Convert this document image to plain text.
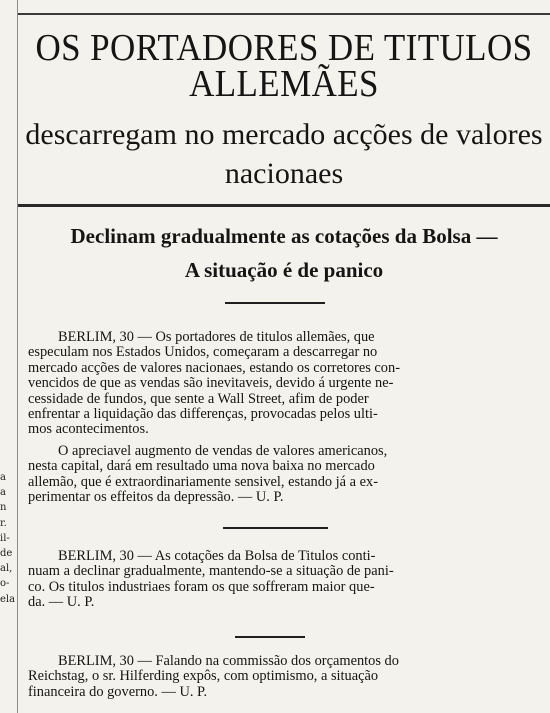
a
a
n
r.
il-
de
al,
o-
ela
OS PORTADORES DE TITULOS
ALLEMÃES
descarregam no mercado acções de valores
nacionaes
Declinam gradualmente as cotações da Bolsa —
A situação é de panico
BERLIM, 30 — Os portadores de titulos allemães, que
especulam nos Estados Unidos, começaram a descarregar no
mercado acções de valores nacionaes, estando os corretores con-
vencidos de que as vendas são inevitaveis, devido á urgente ne-
cessidade de fundos, que sente a Wall Street, afim de poder
enfrentar a liquidação das differenças, provocadas pelos ulti-
mos acontecimentos.
O apreciavel augmento de vendas de valores americanos,
nesta capital, dará em resultado uma nova baixa no mercado
allemão, que é extraordinariamente sensivel, estando já a ex-
perimentar os effeitos da depressão. — U. P.
BERLIM, 30 — As cotações da Bolsa de Titulos conti-
nuam a declinar gradualmente, mantendo-se a situação de pani-
co. Os titulos industriaes foram os que soffreram maior que-
da. — U. P.
BERLIM, 30 — Falando na commissão dos orçamentos do
Reichstag, o sr. Hilferding expôs, com optimismo, a situação
financeira do governo. — U. P.
